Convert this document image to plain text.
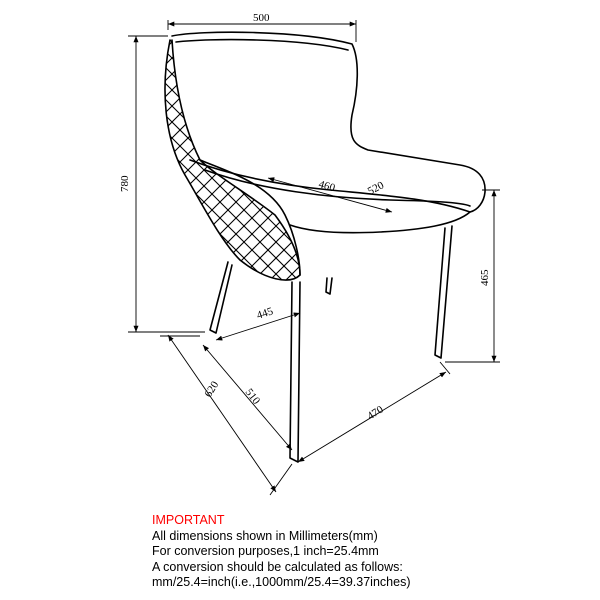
500
780	460	520
465
445
510
620
470
IMPORTANT
All dimensions shown in Millimeters(mm)
For conversion purposes,1 inch=25.4mm
A conversion should be calculated as follows:
mm/25.4=inch(i.e.,1000mm/25.4=39.37inches)
